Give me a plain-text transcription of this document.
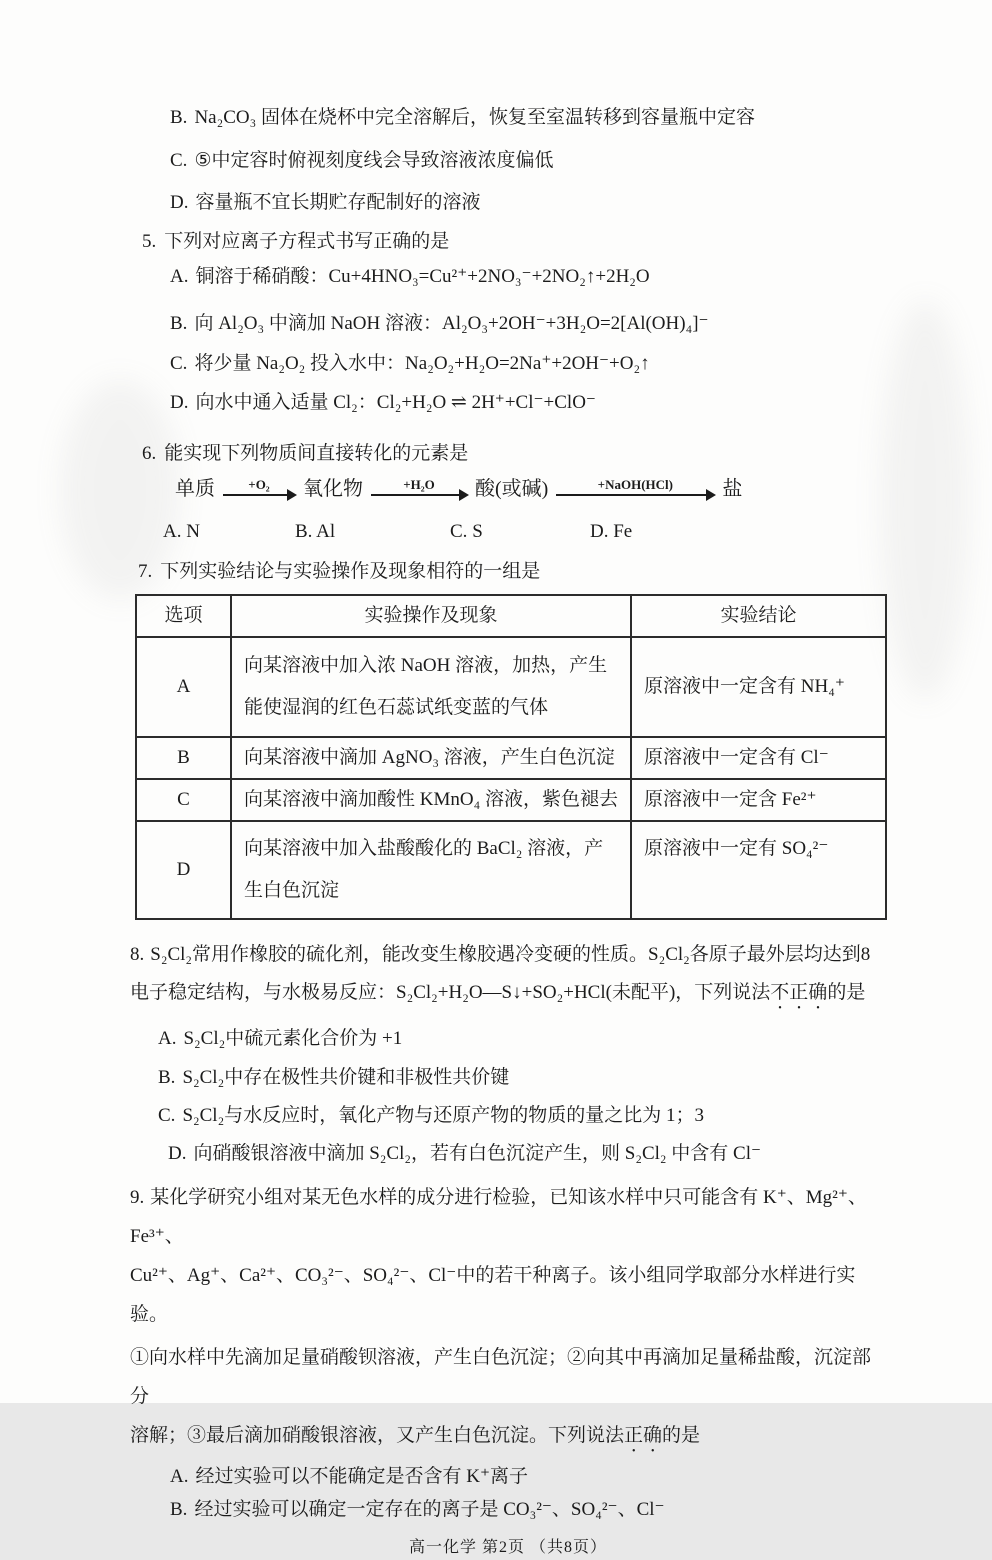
B. Na₂CO₃ 固体在烧杯中完全溶解后，恢复至室温转移到容量瓶中定容
C. ⑤中定容时俯视刻度线会导致溶液浓度偏低
D. 容量瓶不宜长期贮存配制好的溶液
5. 下列对应离子方程式书写正确的是
A. 铜溶于稀硝酸：Cu+4HNO₃=Cu²⁺+2NO₃⁻+2NO₂↑+2H₂O
B. 向 Al₂O₃ 中滴加 NaOH 溶液：Al₂O₃+2OH⁻+3H₂O=2[Al(OH)₄]⁻
C. 将少量 Na₂O₂ 投入水中：Na₂O₂+H₂O=2Na⁺+2OH⁻+O₂↑
D. 向水中通入适量 Cl₂：Cl₂+H₂O ⇌ 2H⁺+Cl⁻+ClO⁻
6. 能实现下列物质间直接转化的元素是
单质	+O₂ 氧化物	+H₂O 酸(或碱)	+NaOH(HCl) 盐
A. N	B. Al	C. S	D. Fe
7. 下列实验结论与实验操作及现象相符的一组是
选项	实验操作及现象	实验结论
A	向某溶液中加入浓 NaOH 溶液，加热，产生能使湿润的红色石蕊试纸变蓝的气体	原溶液中一定含有 NH₄⁺
B	向某溶液中滴加 AgNO₃ 溶液，产生白色沉淀	原溶液中一定含有 Cl⁻
C	向某溶液中滴加酸性 KMnO₄ 溶液，紫色褪去	原溶液中一定含 Fe²⁺
D	向某溶液中加入盐酸酸化的 BaCl₂ 溶液，产生白色沉淀	原溶液中一定有 SO₄²⁻
8. S₂Cl₂常用作橡胶的硫化剂，能改变生橡胶遇冷变硬的性质。S₂Cl₂各原子最外层均达到8
电子稳定结构，与水极易反应：S₂Cl₂+H₂O—S↓+SO₂+HCl(未配平)，下列说法不正确的是
A. S₂Cl₂中硫元素化合价为 +1
B. S₂Cl₂中存在极性共价键和非极性共价键
C. S₂Cl₂与水反应时，氧化产物与还原产物的物质的量之比为 1；3
D. 向硝酸银溶液中滴加 S₂Cl₂，若有白色沉淀产生，则 S₂Cl₂ 中含有 Cl⁻
9. 某化学研究小组对某无色水样的成分进行检验，已知该水样中只可能含有 K⁺、Mg²⁺、Fe³⁺、
Cu²⁺、Ag⁺、Ca²⁺、CO₃²⁻、SO₄²⁻、Cl⁻中的若干种离子。该小组同学取部分水样进行实验。
①向水样中先滴加足量硝酸钡溶液，产生白色沉淀；②向其中再滴加足量稀盐酸，沉淀部分
溶解；③最后滴加硝酸银溶液，又产生白色沉淀。下列说法正确的是
A. 经过实验可以不能确定是否含有 K⁺离子
B. 经过实验可以确定一定存在的离子是 CO₃²⁻、SO₄²⁻、Cl⁻
高一化学 第2页 （共8页）
